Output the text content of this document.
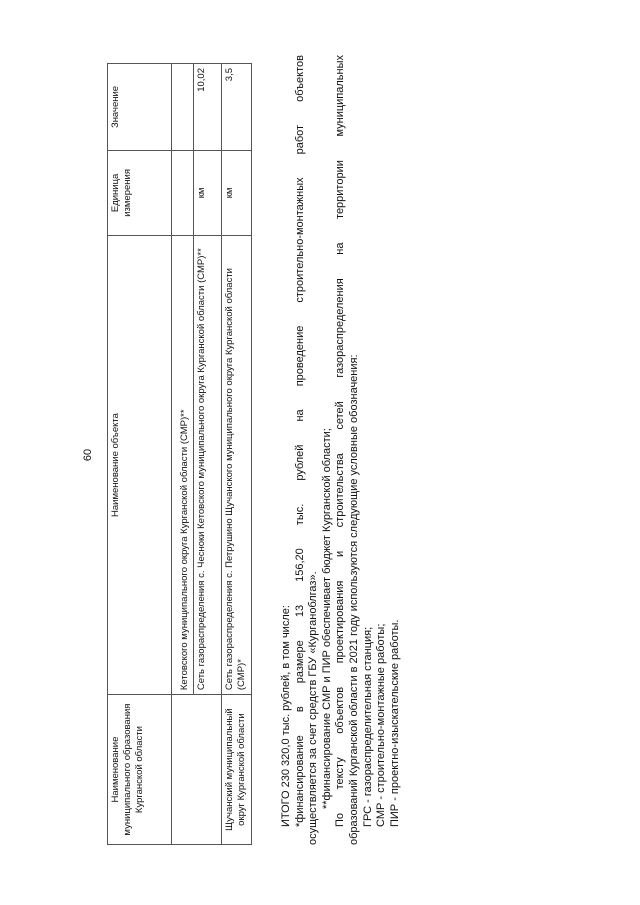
60
Наименование муниципального образования Курганской области	Наименование объекта	Единица измерения	Значение
	Кетовского муниципального округа Курганской области (СМР)**		
	Сеть газораспределения с. Чесноки Кетовского муниципального округа Курганской области (СМР)**	км	10,02
Щучанский муниципальный округ Курганской области	Сеть газораспределения с. Петрушино Щучанского муниципального округа Курганской области (СМР)*	км	3,5

ИТОГО 230 320,0 тыс. рублей, в том числе: *финансирование в размере 13 156,20 тыс. рублей на проведение строительно-монтажных работ объектов осуществляется за счет средств ГБУ «Курганоблгаз». **финансирование СМР и ПИР обеспечивает бюджет Курганской области; По тексту объектов проектирования и строительства сетей газораспределения на территории муниципальных образований Курганской области в 2021 году используются следующие условные обозначения: ГРС - газораспределительная станция; СМР - строительно-монтажные работы; ПИР - проектно-изыскательские работы.
